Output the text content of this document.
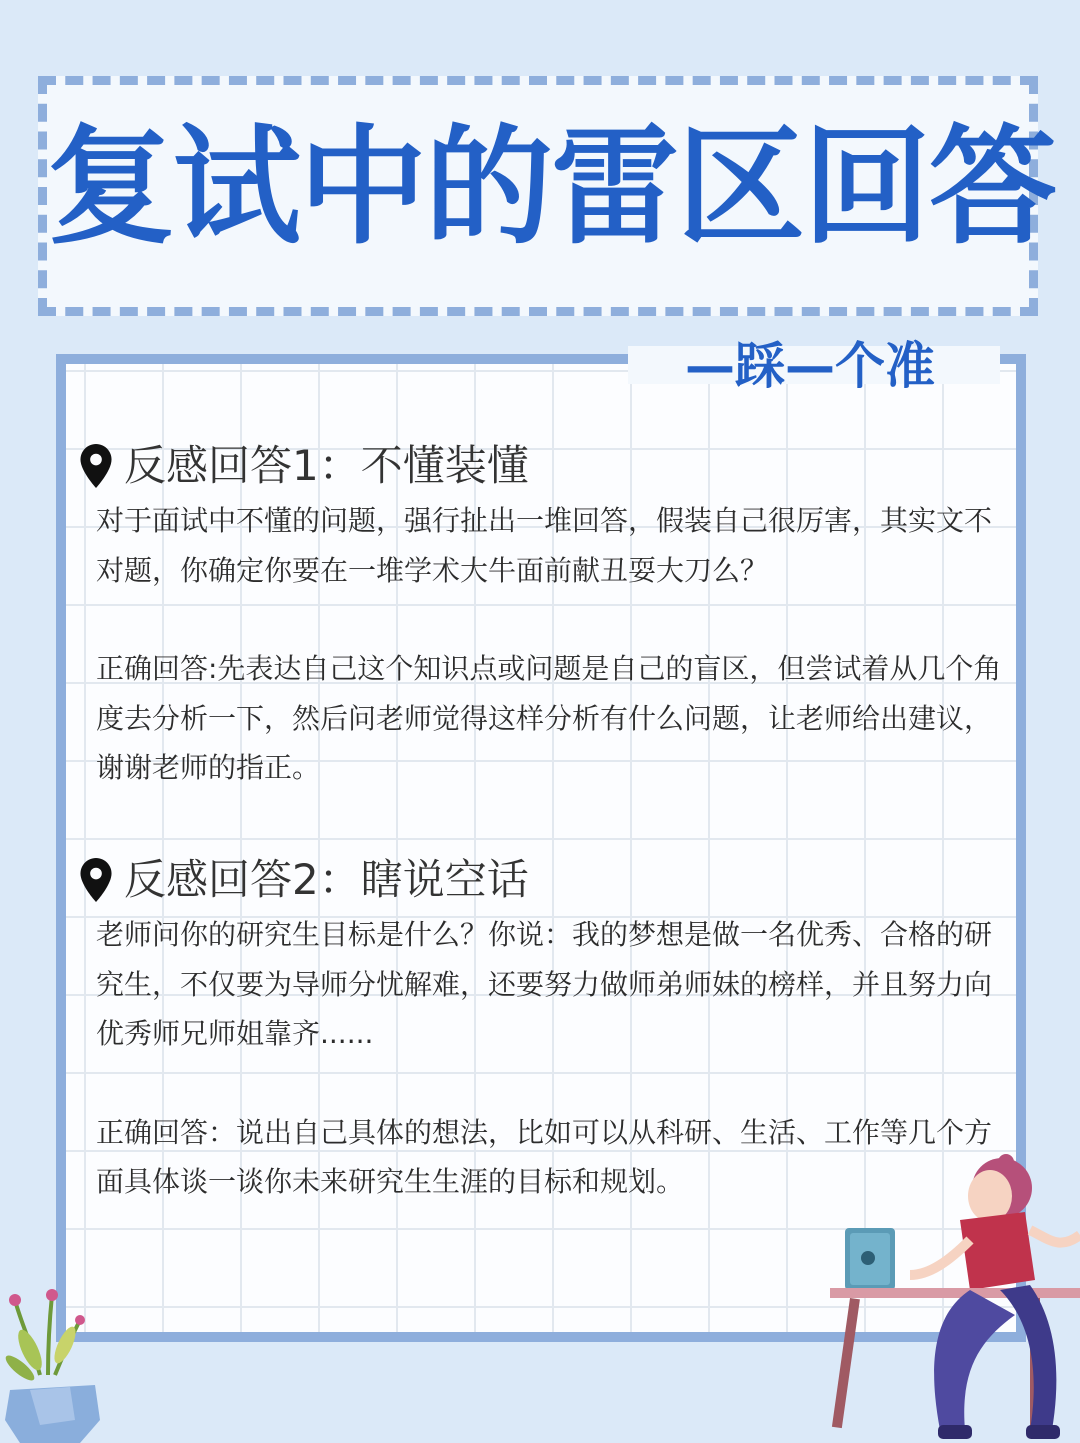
复试中的雷区回答
—踩—个准
反感回答1：不懂装懂

对于面试中不懂的问题，强行扯出一堆回答，假装自己很厉害，其实文不对题，你确定你要在一堆学术大牛面前献丑耍大刀么？

正确回答:先表达自己这个知识点或问题是自己的盲区，但尝试着从几个角度去分析一下，然后问老师觉得这样分析有什么问题，让老师给出建议，谢谢老师的指正。

反感回答2：瞎说空话

老师问你的研究生目标是什么？你说：我的梦想是做一名优秀、合格的研究生，不仅要为导师分忧解难，还要努力做师弟师妹的榜样，并且努力向优秀师兄师姐靠齐......

正确回答：说出自己具体的想法，比如可以从科研、生活、工作等几个方面具体谈一谈你未来研究生生涯的目标和规划。
